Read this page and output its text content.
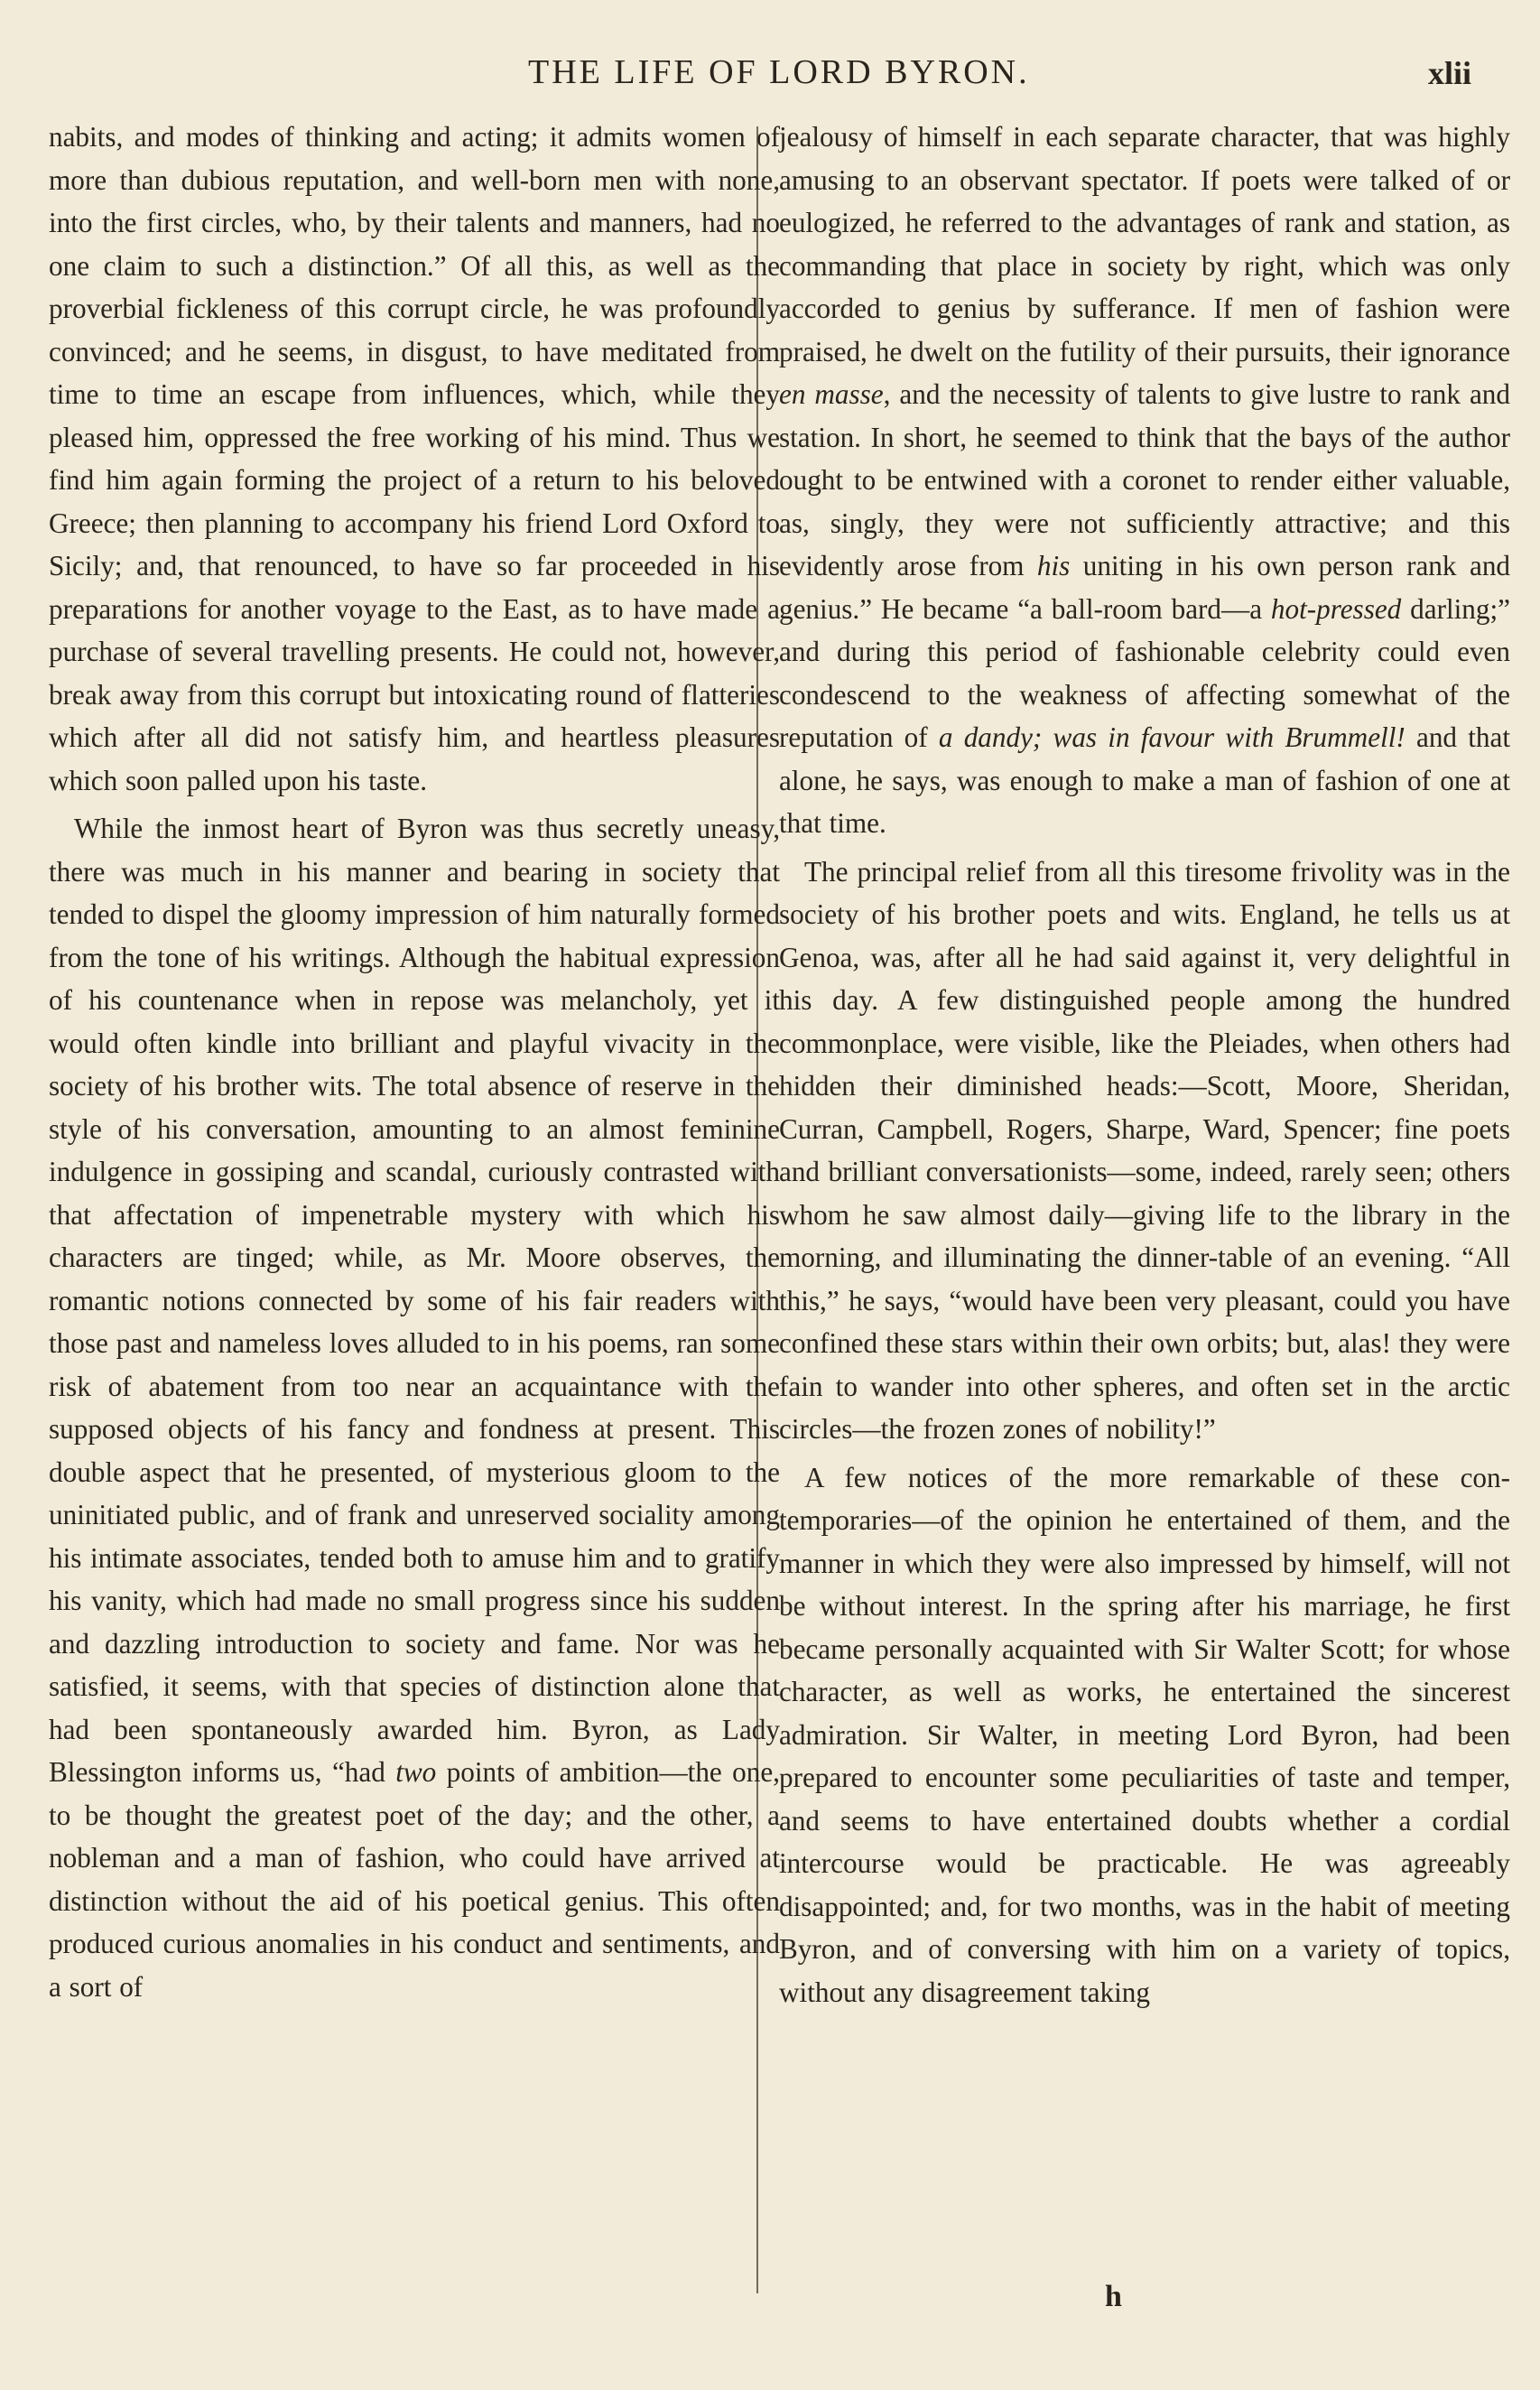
THE LIFE OF LORD BYRON.	xlii

nabits, and modes of thinking and acting; it admits women of more than dubious reputation, and well-born men with none, into the first circles, who, by their talents and manners, had no one claim to such a distinction.” Of all this, as well as the proverbial fickleness of this corrupt circle, he was profoundly convinced; and he seems, in disgust, to have meditated from time to time an escape from influences, which, while they pleased him, oppressed the free working of his mind. Thus we find him again forming the project of a return to his beloved Greece; then planning to accompany his friend Lord Oxford to Sicily; and, that renounced, to have so far proceeded in his preparations for another voyage to the East, as to have made a purchase of several travelling presents. He could not, however, break away from this corrupt but intoxicating round of flatteries which after all did not satisfy him, and heartless pleasures which soon palled upon his taste.

While the inmost heart of Byron was thus secretly uneasy, there was much in his manner and bearing in society that tended to dispel the gloomy impression of him naturally formed from the tone of his writings. Although the habitual expression of his countenance when in repose was melancholy, yet it would often kindle into brilliant and playful vivacity in the society of his brother wits. The total absence of reserve in the style of his conversation, amounting to an almost feminine indulgence in gossiping and scandal, curiously contrasted with that affectation of impenetrable mystery with which his characters are tinged; while, as Mr. Moore observes, the romantic notions connected by some of his fair readers with those past and nameless loves alluded to in his poems, ran some risk of abatement from too near an acquaintance with the supposed objects of his fancy and fondness at present. This double aspect that he presented, of mysterious gloom to the uninitiated public, and of frank and unreserved sociality among his intimate associates, tended both to amuse him and to gratify his vanity, which had made no small progress since his sudden and dazzling introduction to society and fame. Nor was he satisfied, it seems, with that species of distinction alone that had been spontaneously awarded him. Byron, as Lady Blessington informs us, “had two points of ambition—the one, to be thought the greatest poet of the day; and the other, a nobleman and a man of fashion, who could have arrived at distinction without the aid of his poetical genius. This often produced curious anomalies in his conduct and sentiments, and a sort of

jealousy of himself in each separate character, that was highly amusing to an observant spectator. If poets were talked of or eulogized, he referred to the advantages of rank and station, as commanding that place in society by right, which was only accorded to genius by sufferance. If men of fashion were praised, he dwelt on the futility of their pursuits, their ignorance en masse, and the necessity of talents to give lustre to rank and station. In short, he seemed to think that the bays of the author ought to be entwined with a coronet to render either valuable, as, singly, they were not sufficiently attractive; and this evidently arose from his uniting in his own person rank and genius.” He became “a ball-room bard—a hot-pressed darling;” and during this period of fashionable celebrity could even condescend to the weakness of affecting somewhat of the reputation of a dandy; was in favour with Brummell! and that alone, he says, was enough to make a man of fashion of one at that time.

The principal relief from all this tiresome frivolity was in the society of his brother poets and wits. England, he tells us at Genoa, was, after all he had said against it, very delightful in his day. A few distinguished people among the hundred commonplace, were visible, like the Pleiades, when others had hidden their diminished heads:—Scott, Moore, Sheridan, Curran, Campbell, Rogers, Sharpe, Ward, Spencer; fine poets and brilliant conversationists—some, indeed, rarely seen; others whom he saw almost daily—giving life to the library in the morning, and illuminating the dinner-table of an evening. “All this,” he says, “would have been very pleasant, could you have confined these stars within their own orbits; but, alas! they were fain to wander into other spheres, and often set in the arctic circles—the frozen zones of nobility!”

A few notices of the more remarkable of these contemporaries—of the opinion he entertained of them, and the manner in which they were also impressed by himself, will not be without interest. In the spring after his marriage, he first became personally acquainted with Sir Walter Scott; for whose character, as well as works, he entertained the sincerest admiration. Sir Walter, in meeting Lord Byron, had been prepared to encounter some peculiarities of taste and temper, and seems to have entertained doubts whether a cordial intercourse would be practicable. He was agreeably disappointed; and, for two months, was in the habit of meeting Byron, and of conversing with him on a variety of topics, without any disagreement taking

h
